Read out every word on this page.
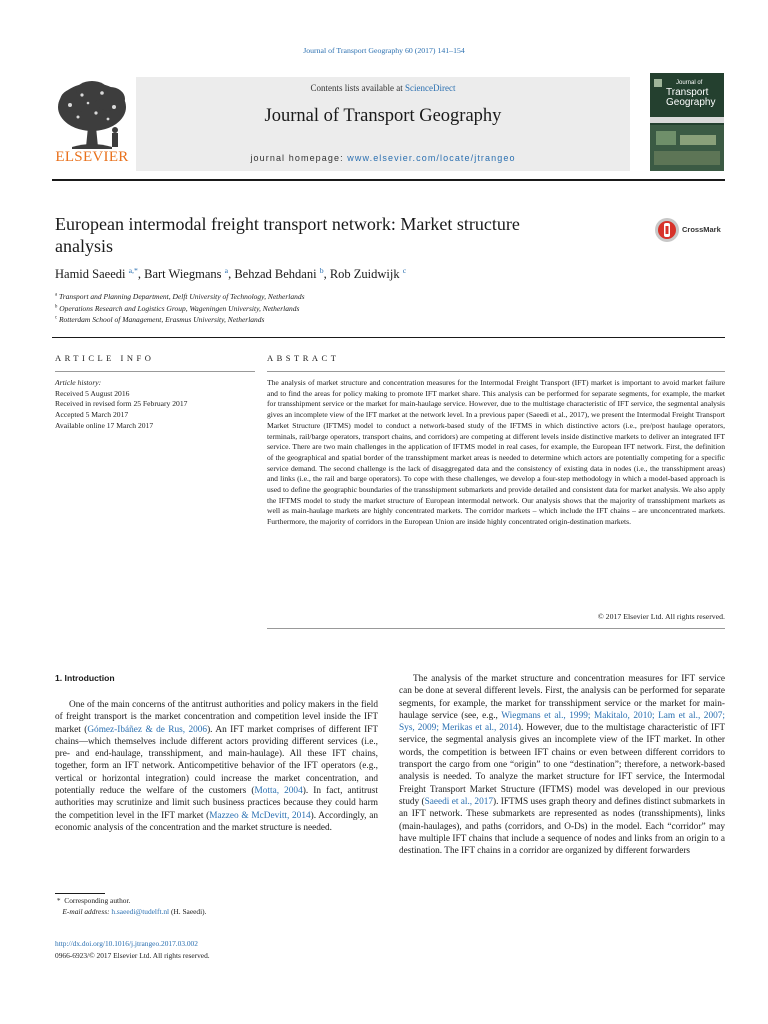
Journal of Transport Geography 60 (2017) 141–154
Contents lists available at ScienceDirect
Journal of Transport Geography
journal homepage: www.elsevier.com/locate/jtrangeo
ELSEVIER
Journal of
Transport Geography
European intermodal freight transport network: Market structure analysis
CrossMark
Hamid Saeedi $^{a,*}$, Bart Wiegmans $^a$, Behzad Behdani $^b$, Rob Zuidwijk $^c$
$^a$ Transport and Planning Department, Delft University of Technology, Netherlands
$^b$ Operations Research and Logistics Group, Wageningen University, Netherlands
$^c$ Rotterdam School of Management, Erasmus University, Netherlands
ARTICLE INFO
Article history:
Received 5 August 2016
Received in revised form 25 February 2017
Accepted 5 March 2017
Available online 17 March 2017
ABSTRACT
The analysis of market structure and concentration measures for the Intermodal Freight Transport (IFT) market is important to avoid market failure and to find the areas for policy making to promote IFT market share. This analysis can be performed for separate segments, for example, the market for transshipment service or the market for main-haulage service. However, due to the multistage characteristic of IFT service, the segmental analysis gives an incomplete view of the IFT market at the network level. In a previous paper (Saeedi et al., 2017), we present the Intermodal Freight Transport Market Structure (IFTMS) model to conduct a network-based study of the IFTMS in which distinctive actors (i.e., pre/post haulage operators, terminals, rail/barge operators, transport chains, and corridors) are competing at different levels inside distinctive markets to deliver an integrated IFT service. There are two main challenges in the application of IFTMS model in real cases, for example, the European IFT network. First, the definition of the geographical and spatial border of the transshipment market areas is needed to determine which actors are potentially competing for a specific service demand. The second challenge is the lack of disaggregated data and the consistency of existing data in nodes (i.e., the transshipment areas) and links (i.e., the rail and barge operators). To cope with these challenges, we develop a four-step methodology in which a model-based approach is used to define the geographic boundaries of the transshipment submarkets and provide detailed and consistent data for market analysis. We also apply the IFTMS model to study the market structure of European intermodal network. Our analysis shows that the majority of transshipment markets as well as main-haulage markets are highly concentrated markets. The corridor markets – which include the IFT chains – are unconcentrated markets. Furthermore, the majority of corridors in the European Union are inside highly concentrated origin-destination markets.
© 2017 Elsevier Ltd. All rights reserved.
1. Introduction
One of the main concerns of the antitrust authorities and policy makers in the field of freight transport is the market concentration and competition level inside the IFT market (Gómez-Ibáñez & de Rus, 2006). An IFT market comprises of different IFT chains—which themselves include different actors providing different services (i.e., pre- and end-haulage, transshipment, and main-haulage). All these IFT chains, together, form an IFT network. Anticompetitive behavior of the IFT operators (e.g., vertical or horizontal integration) could increase the market concentration, and potentially reduce the welfare of the customers (Motta, 2004). In fact, antitrust authorities may scrutinize and limit such business practices because they could harm the competition level in the IFT market (Mazzeo & McDevitt, 2014). Accordingly, an economic analysis of the concentration and the market structure is needed.
The analysis of the market structure and concentration measures for IFT service can be done at several different levels. First, the analysis can be performed for separate segments, for example, the market for transshipment service or the market for main-haulage service (see, e.g., Wiegmans et al., 1999; Makitalo, 2010; Lam et al., 2007; Sys, 2009; Merikas et al., 2014). However, due to the multistage characteristic of IFT service, the segmental analysis gives an incomplete view of the IFT market. In other words, the competition is between IFT chains or even between different corridors to transport the cargo from one “origin” to one “destination”; therefore, a network-based analysis is needed. To analyze the market structure for IFT service, the Intermodal Freight Transport Market Structure (IFTMS) model was developed in our previous study (Saeedi et al., 2017). IFTMS uses graph theory and defines distinct submarkets in an IFT network. These submarkets are represented as nodes (transshipments), links (main-haulages), and paths (corridors, and O-Ds) in the model. Each “corridor” may have multiple IFT chains that include a sequence of nodes and links from an origin to a destination. The IFT chains in a corridor are organized by different forwarders
* Corresponding author.
E-mail address: h.saeedi@tudelft.nl (H. Saeedi).
http://dx.doi.org/10.1016/j.jtrangeo.2017.03.002
0966-6923/© 2017 Elsevier Ltd. All rights reserved.
